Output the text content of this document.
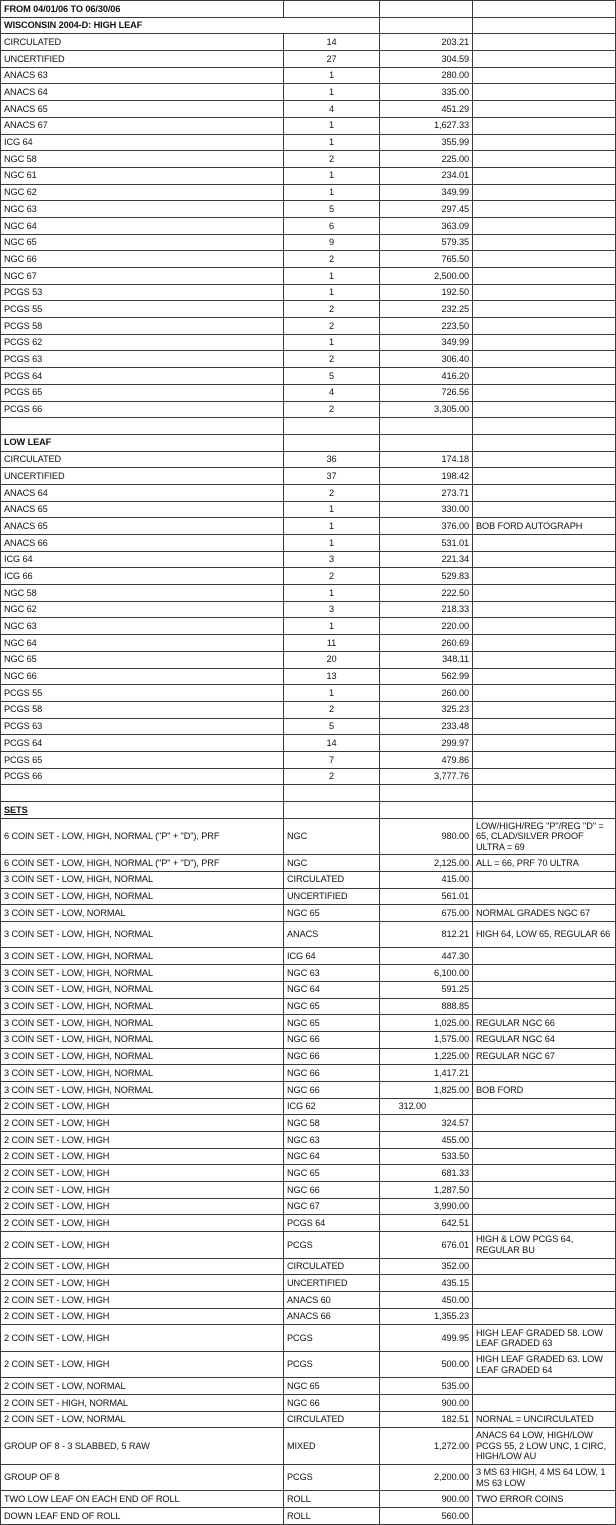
FROM 04/01/06 TO 06/30/06			
WISCONSIN 2004-D: HIGH LEAF			
CIRCULATED	14	203.21	
UNCERTIFIED	27	304.59	
ANACS 63	1	280.00	
ANACS 64	1	335.00	
ANACS 65	4	451.29	
ANACS 67	1	1,627.33	
ICG 64	1	355.99	
NGC 58	2	225.00	
NGC 61	1	234.01	
NGC 62	1	349.99	
NGC 63	5	297.45	
NGC 64	6	363.09	
NGC 65	9	579.35	
NGC 66	2	765.50	
NGC 67	1	2,500.00	
PCGS 53	1	192.50	
PCGS 55	2	232.25	
PCGS 58	2	223.50	
PCGS 62	1	349.99	
PCGS 63	2	306.40	
PCGS 64	5	416.20	
PCGS 65	4	726.56	
PCGS 66	2	3,305.00	

LOW LEAF			
CIRCULATED	36	174.18	
UNCERTIFIED	37	198.42	
ANACS 64	2	273.71	
ANACS 65	1	330.00	
ANACS 65	1	376.00	BOB FORD AUTOGRAPH
ANACS 66	1	531.01	
ICG 64	3	221.34	
ICG 66	2	529.83	
NGC 58	1	222.50	
NGC 62	3	218.33	
NGC 63	1	220.00	
NGC 64	11	260.69	
NGC 65	20	348.11	
NGC 66	13	562.99	
PCGS 55	1	260.00	
PCGS 58	2	325.23	
PCGS 63	5	233.48	
PCGS 64	14	299.97	
PCGS 65	7	479.86	
PCGS 66	2	3,777.76	

SETS			
6 COIN SET - LOW, HIGH, NORMAL ("P" + "D"), PRF	NGC	980.00	LOW/HIGH/REG "P"/REG "D" = 65, CLAD/SILVER PROOF ULTRA = 69
6 COIN SET - LOW, HIGH, NORMAL ("P" + "D"), PRF	NGC	2,125.00	ALL = 66, PRF 70 ULTRA
3 COIN SET - LOW, HIGH, NORMAL	CIRCULATED	415.00	
3 COIN SET - LOW, HIGH, NORMAL	UNCERTIFIED	561.01	
3 COIN SET - LOW, NORMAL	NGC 65	675.00	NORMAL GRADES NGC 67
3 COIN SET - LOW, HIGH, NORMAL	ANACS	812.21	HIGH 64, LOW 65, REGULAR 66
3 COIN SET - LOW, HIGH, NORMAL	ICG 64	447.30	
3 COIN SET - LOW, HIGH, NORMAL	NGC 63	6,100.00	
3 COIN SET - LOW, HIGH, NORMAL	NGC 64	591.25	
3 COIN SET - LOW, HIGH, NORMAL	NGC 65	888.85	
3 COIN SET - LOW, HIGH, NORMAL	NGC 65	1,025.00	REGULAR NGC 66
3 COIN SET - LOW, HIGH, NORMAL	NGC 66	1,575.00	REGULAR NGC 64
3 COIN SET - LOW, HIGH, NORMAL	NGC 66	1,225.00	REGULAR NGC 67
3 COIN SET - LOW, HIGH, NORMAL	NGC 66	1,417.21	
3 COIN SET - LOW, HIGH, NORMAL	NGC 66	1,825.00	BOB FORD
2 COIN SET - LOW, HIGH	ICG 62	312.00	
2 COIN SET - LOW, HIGH	NGC 58	324.57	
2 COIN SET - LOW, HIGH	NGC 63	455.00	
2 COIN SET - LOW, HIGH	NGC 64	533.50	
2 COIN SET - LOW, HIGH	NGC 65	681.33	
2 COIN SET - LOW, HIGH	NGC 66	1,287.50	
2 COIN SET - LOW, HIGH	NGC 67	3,990.00	
2 COIN SET - LOW, HIGH	PCGS 64	642.51	
2 COIN SET - LOW, HIGH	PCGS	676.01	HIGH & LOW PCGS 64, REGULAR BU
2 COIN SET - LOW, HIGH	CIRCULATED	352.00	
2 COIN SET - LOW, HIGH	UNCERTIFIED	435.15	
2 COIN SET - LOW, HIGH	ANACS 60	450.00	
2 COIN SET - LOW, HIGH	ANACS 66	1,355.23	
2 COIN SET - LOW, HIGH	PCGS	499.95	HIGH LEAF GRADED 58. LOW LEAF GRADED 63
2 COIN SET - LOW, HIGH	PCGS	500.00	HIGH LEAF GRADED 63. LOW LEAF GRADED 64
2 COIN SET - LOW, NORMAL	NGC 65	535.00	
2 COIN SET - HIGH, NORMAL	NGC 66	900.00	
2 COIN SET - LOW, NORMAL	CIRCULATED	182.51	NORNAL = UNCIRCULATED
GROUP OF 8 - 3 SLABBED, 5 RAW	MIXED	1,272.00	ANACS 64 LOW, HIGH/LOW PCGS 55, 2 LOW UNC, 1 CIRC, HIGH/LOW AU
GROUP OF 8	PCGS	2,200.00	3 MS 63 HIGH, 4 MS 64 LOW, 1 MS 63 LOW
TWO LOW LEAF ON EACH END OF ROLL	ROLL	900.00	TWO ERROR COINS
DOWN LEAF END OF ROLL	ROLL	560.00	
